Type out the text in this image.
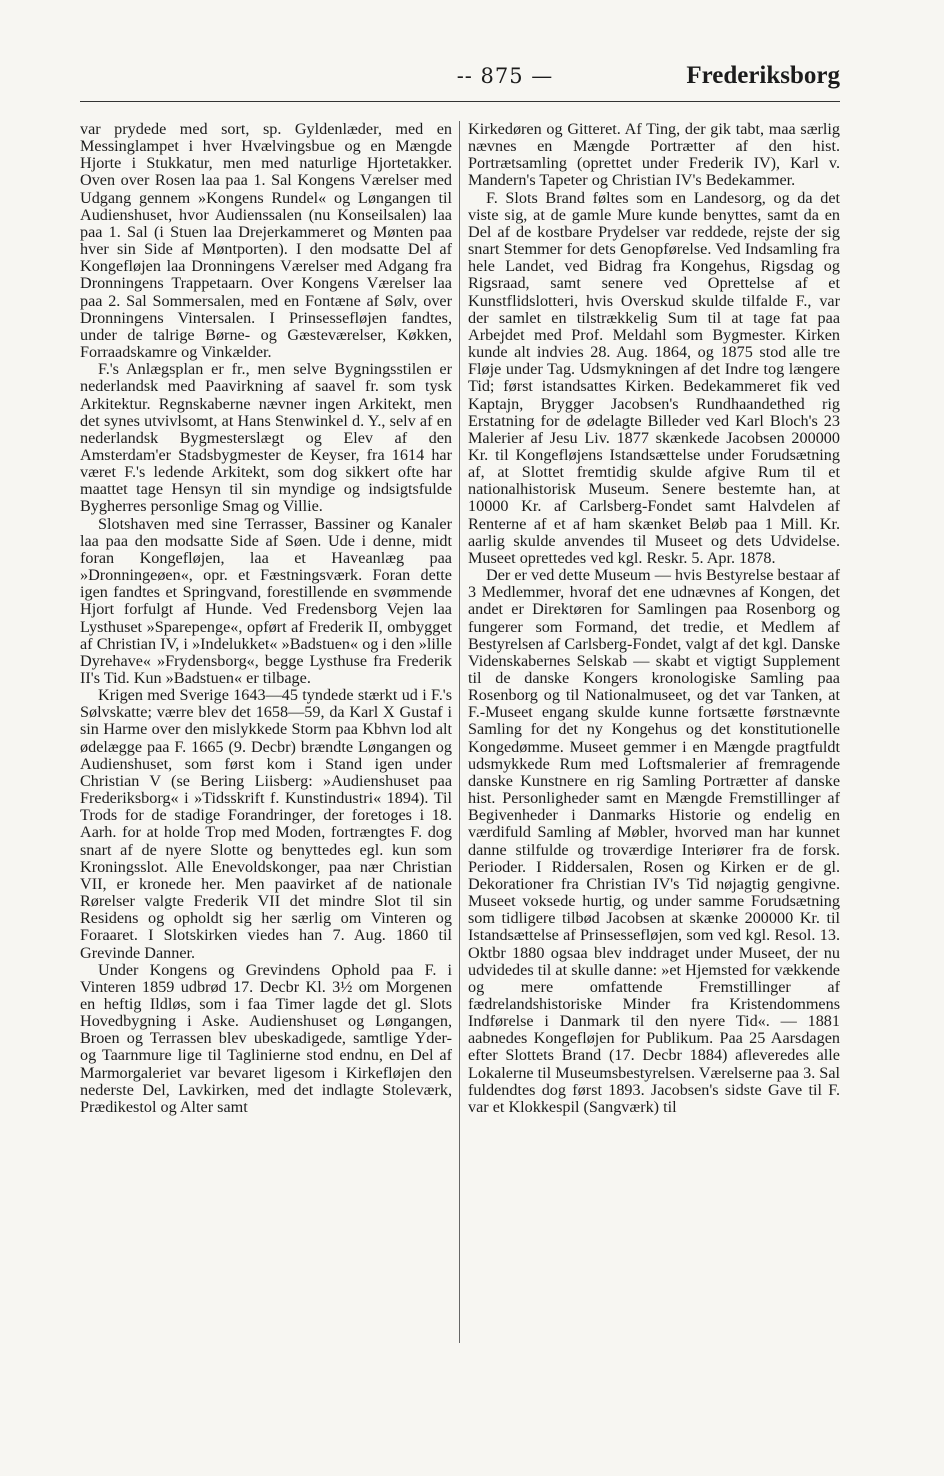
-- 875 —	Frederiksborg

var prydede med sort, sp. Gyldenlæder, med en Messinglampet i hver Hvælvingsbue og en Mængde Hjorte i Stukkatur, men med naturlige Hjortetakker. Oven over Rosen laa paa 1. Sal Kongens Værelser med Udgang gennem »Kongens Rundel« og Løngangen til Audienshuset, hvor Audienssalen (nu Konseilsalen) laa paa 1. Sal (i Stuen laa Drejerkammeret og Mønten paa hver sin Side af Møntporten). I den modsatte Del af Kongefløjen laa Dronningens Værelser med Adgang fra Dronningens Trappetaarn. Over Kongens Værelser laa paa 2. Sal Sommersalen, med en Fontæne af Sølv, over Dronningens Vintersalen. I Prinsessefløjen fandtes, under de talrige Børne- og Gæsteværelser, Køkken, Forraadskamre og Vinkælder.

F.'s Anlægsplan er fr., men selve Bygningsstilen er nederlandsk med Paavirkning af saavel fr. som tysk Arkitektur. Regnskaberne nævner ingen Arkitekt, men det synes utvivlsomt, at Hans Stenwinkel d. Y., selv af en nederlandsk Bygmesterslægt og Elev af den Amsterdam'er Stadsbygmester de Keyser, fra 1614 har været F.'s ledende Arkitekt, som dog sikkert ofte har maattet tage Hensyn til sin myndige og indsigtsfulde Bygherres personlige Smag og Villie.

Slotshaven med sine Terrasser, Bassiner og Kanaler laa paa den modsatte Side af Søen. Ude i denne, midt foran Kongefløjen, laa et Haveanlæg paa »Dronningeøen«, opr. et Fæstningsværk. Foran dette igen fandtes et Springvand, forestillende en svømmende Hjort forfulgt af Hunde. Ved Fredensborg Vejen laa Lysthuset »Sparepenge«, opført af Frederik II, ombygget af Christian IV, i »Indelukket« »Badstuen« og i den »lille Dyrehave« »Frydensborg«, begge Lysthuse fra Frederik II's Tid. Kun »Badstuen« er tilbage.

Krigen med Sverige 1643—45 tyndede stærkt ud i F.'s Sølvskatte; værre blev det 1658—59, da Karl X Gustaf i sin Harme over den mislykkede Storm paa Kbhvn lod alt ødelægge paa F. 1665 (9. Decbr) brændte Løngangen og Audienshuset, som først kom i Stand igen under Christian V (se Bering Liisberg: »Audienshuset paa Frederiksborg« i »Tidsskrift f. Kunstindustri« 1894). Til Trods for de stadige Forandringer, der foretoges i 18. Aarh. for at holde Trop med Moden, fortrængtes F. dog snart af de nyere Slotte og benyttedes egl. kun som Kroningsslot. Alle Enevoldskonger, paa nær Christian VII, er kronede her. Men paavirket af de nationale Rørelser valgte Frederik VII det mindre Slot til sin Residens og opholdt sig her særlig om Vinteren og Foraaret. I Slotskirken viedes han 7. Aug. 1860 til Grevinde Danner.

Under Kongens og Grevindens Ophold paa F. i Vinteren 1859 udbrød 17. Decbr Kl. 3½ om Morgenen en heftig Ildløs, som i faa Timer lagde det gl. Slots Hovedbygning i Aske. Audienshuset og Løngangen, Broen og Terrassen blev ubeskadigede, samtlige Yder- og Taarnmure lige til Taglinierne stod endnu, en Del af Marmorgaleriet var bevaret ligesom i Kirkefløjen den nederste Del, Lavkirken, med det indlagte Stoleværk, Prædikestol og Alter samt

Kirkedøren og Gitteret. Af Ting, der gik tabt, maa særlig nævnes en Mængde Portrætter af den hist. Portrætsamling (oprettet under Frederik IV), Karl v. Mandern's Tapeter og Christian IV's Bedekammer.

F. Slots Brand føltes som en Landesorg, og da det viste sig, at de gamle Mure kunde benyttes, samt da en Del af de kostbare Prydelser var reddede, rejste der sig snart Stemmer for dets Genopførelse. Ved Indsamling fra hele Landet, ved Bidrag fra Kongehus, Rigsdag og Rigsraad, samt senere ved Oprettelse af et Kunstflidslotteri, hvis Overskud skulde tilfalde F., var der samlet en tilstrækkelig Sum til at tage fat paa Arbejdet med Prof. Meldahl som Bygmester. Kirken kunde alt indvies 28. Aug. 1864, og 1875 stod alle tre Fløje under Tag. Udsmykningen af det Indre tog længere Tid; først istandsattes Kirken. Bedekammeret fik ved Kaptajn, Brygger Jacobsen's Rundhaandethed rig Erstatning for de ødelagte Billeder ved Karl Bloch's 23 Malerier af Jesu Liv. 1877 skænkede Jacobsen 200000 Kr. til Kongefløjens Istandsættelse under Forudsætning af, at Slottet fremtidig skulde afgive Rum til et nationalhistorisk Museum. Senere bestemte han, at 10000 Kr. af Carlsberg-Fondet samt Halvdelen af Renterne af et af ham skænket Beløb paa 1 Mill. Kr. aarlig skulde anvendes til Museet og dets Udvidelse. Museet oprettedes ved kgl. Reskr. 5. Apr. 1878.

Der er ved dette Museum — hvis Bestyrelse bestaar af 3 Medlemmer, hvoraf det ene udnævnes af Kongen, det andet er Direktøren for Samlingen paa Rosenborg og fungerer som Formand, det tredie, et Medlem af Bestyrelsen af Carlsberg-Fondet, valgt af det kgl. Danske Videnskabernes Selskab — skabt et vigtigt Supplement til de danske Kongers kronologiske Samling paa Rosenborg og til Nationalmuseet, og det var Tanken, at F.-Museet engang skulde kunne fortsætte førstnævnte Samling for det ny Kongehus og det konstitutionelle Kongedømme. Museet gemmer i en Mængde pragtfuldt udsmykkede Rum med Loftsmalerier af fremragende danske Kunstnere en rig Samling Portrætter af danske hist. Personligheder samt en Mængde Fremstillinger af Begivenheder i Danmarks Historie og endelig en værdifuld Samling af Møbler, hvorved man har kunnet danne stilfulde og troværdige Interiører fra de forsk. Perioder. I Riddersalen, Rosen og Kirken er de gl. Dekorationer fra Christian IV's Tid nøjagtig gengivne. Museet voksede hurtig, og under samme Forudsætning som tidligere tilbød Jacobsen at skænke 200000 Kr. til Istandsættelse af Prinsessefløjen, som ved kgl. Resol. 13. Oktbr 1880 ogsaa blev inddraget under Museet, der nu udvidedes til at skulle danne: »et Hjemsted for vækkende og mere omfattende Fremstillinger af fædrelandshistoriske Minder fra Kristendommens Indførelse i Danmark til den nyere Tid«. — 1881 aabnedes Kongefløjen for Publikum. Paa 25 Aarsdagen efter Slottets Brand (17. Decbr 1884) afleveredes alle Lokalerne til Museumsbestyrelsen. Værelserne paa 3. Sal fuldendtes dog først 1893. Jacobsen's sidste Gave til F. var et Klokkespil (Sangværk) til
